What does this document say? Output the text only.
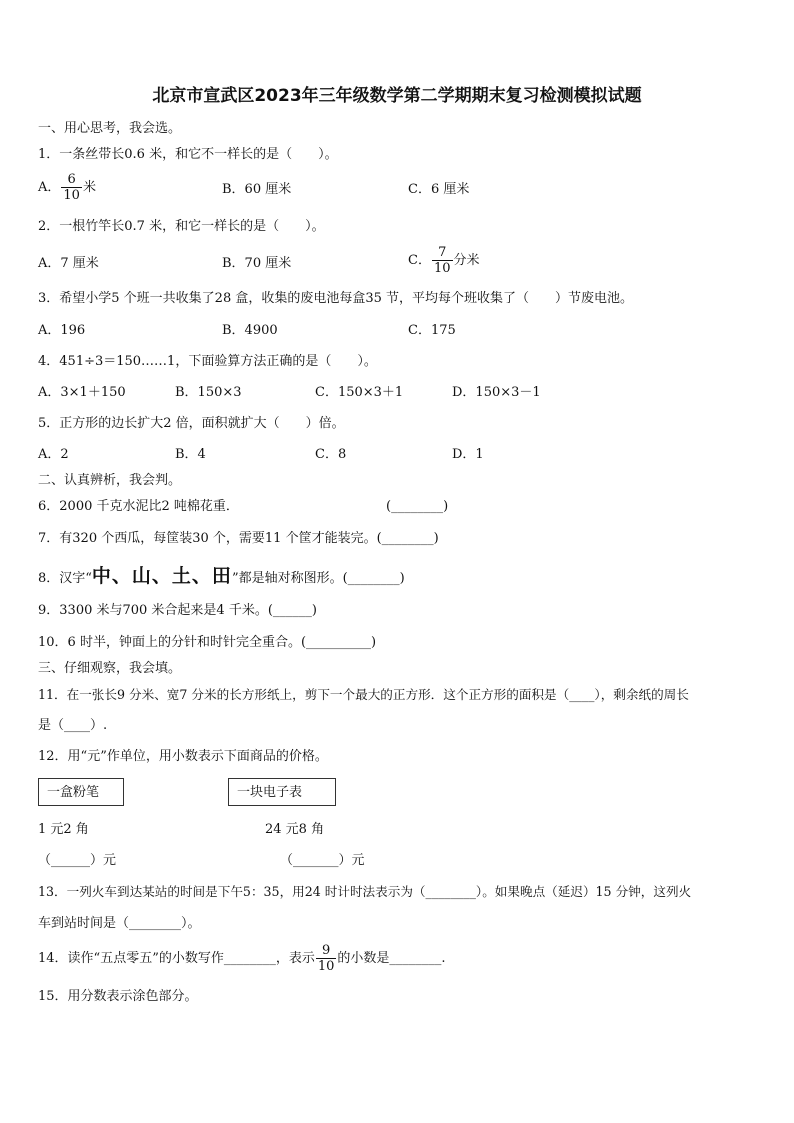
北京市宣武区2023年三年级数学第二学期期末复习检测模拟试题
一、用心思考，我会选。
1．一条丝带长0.6 米，和它不一样长的是（　　）。
A． $\frac{6}{10}$ 米	B．60 厘米	C．6 厘米
2．一根竹竿长0.7 米，和它一样长的是（　　）。
A．7 厘米	B．70 厘米	C． $\frac{7}{10}$ 分米
3．希望小学5 个班一共收集了28 盒，收集的废电池每盒35 节，平均每个班收集了（　　）节废电池。
A．196	B．4900	C．175
4．451÷3＝150……1，下面验算方法正确的是（　　）。
A．3×1＋150	B．150×3	C．150×3＋1	D．150×3－1
5．正方形的边长扩大2 倍，面积就扩大（　　）倍。
A．2	B．4	C．8	D．1
二、认真辨析，我会判。
6．2000 千克水泥比2 吨棉花重．	(________)
7．有320 个西瓜，每筐装30 个，需要11 个筐才能装完。(________)
8．汉字“中、山、土、田”都是轴对称图形。(________)
9．3300 米与700 米合起来是4 千米。(______)
10．6 时半，钟面上的分针和时针完全重合。(__________)
三、仔细观察，我会填。
11．在一张长9 分米、宽7 分米的长方形纸上，剪下一个最大的正方形．这个正方形的面积是（____），剩余纸的周长
是（____）.
12．用“元”作单位，用小数表示下面商品的价格。
一盒粉笔	一块电子表
1 元2 角	24 元8 角
（______）元	（_______）元
13．一列火车到达某站的时间是下午5：35，用24 时计时法表示为（________）。如果晚点（延迟）15 分钟，这列火
车到站时间是（________）。
14．读作“五点零五”的小数写作________，表示 $\frac{9}{10}$ 的小数是________.
15．用分数表示涂色部分。
